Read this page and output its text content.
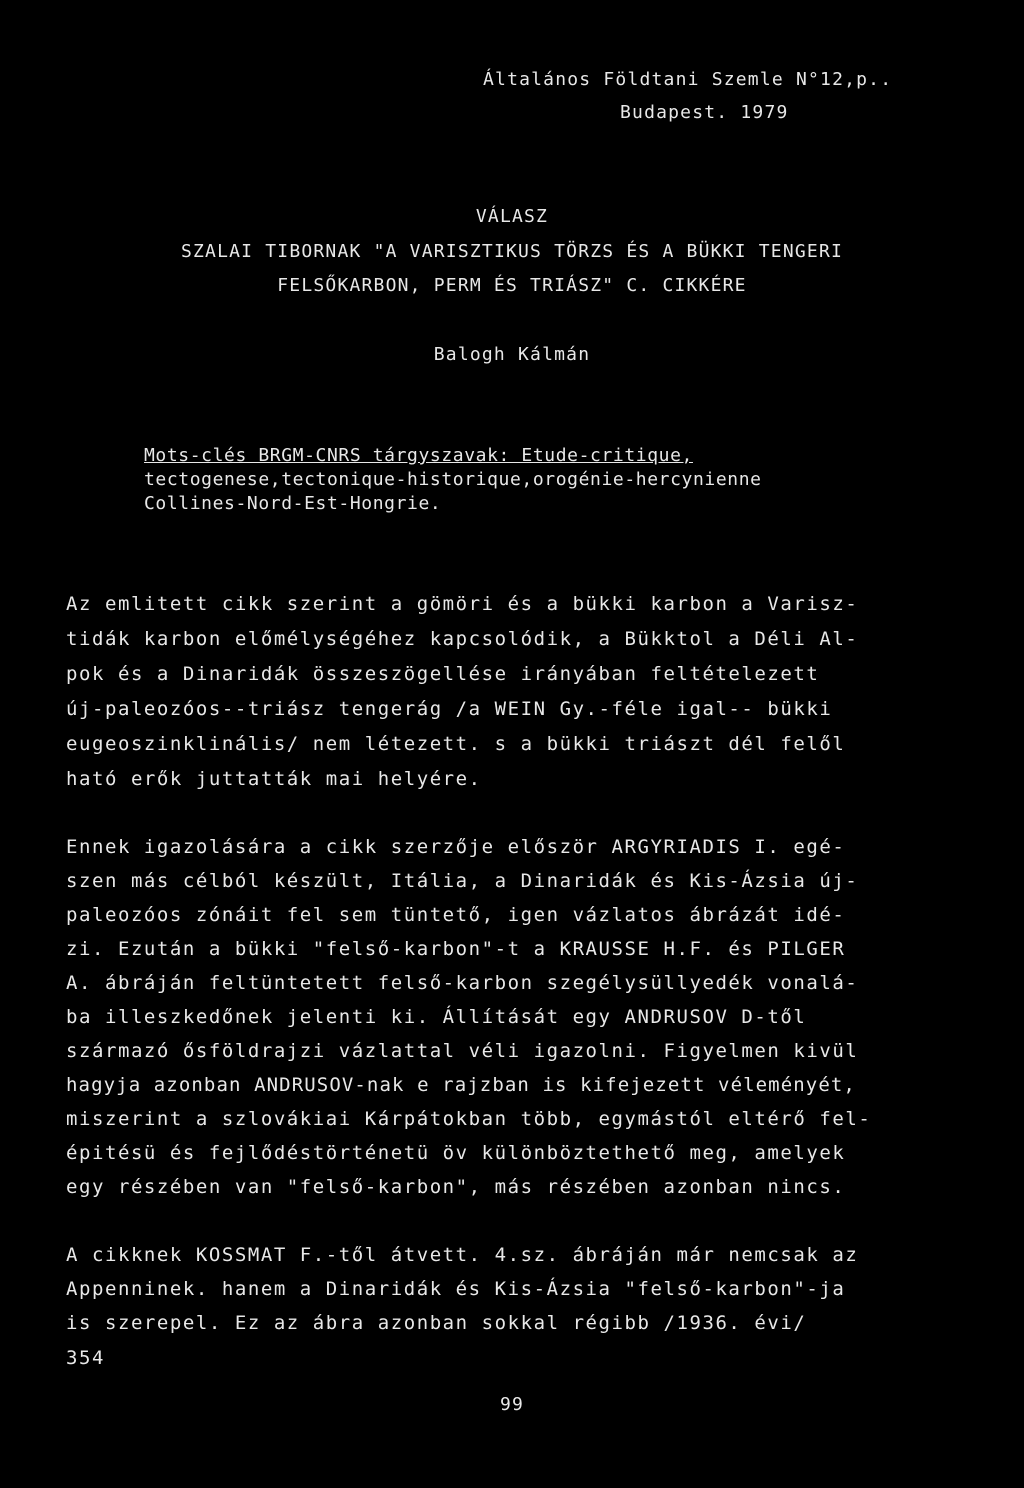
Általános Földtani Szemle N°12,p..
Budapest. 1979
VÁLASZ
SZALAI TIBORNAK "A VARISZTIKUS TÖRZS ÉS A BÜKKI TENGERI
FELSŐKARBON, PERM ÉS TRIÁSZ" C. CIKKÉRE
Balogh Kálmán
Mots-clés BRGM-CNRS tárgyszavak: Etude-critique,
tectogenese,tectonique-historique,orogénie-hercynienne
Collines-Nord-Est-Hongrie.
Az emlitett cikk szerint a gömöri és a bükki karbon a Varisz-
tidák karbon előmélységéhez kapcsolódik, a Bükktol a Déli Al-
pok és a Dinaridák összeszögellése irányában feltételezett
új-paleozóos--triász tengerág /a WEIN Gy.-féle igal-- bükki
eugeoszinklinális/ nem létezett. s a bükki triászt dél felől
ható erők juttatták mai helyére.
Ennek igazolására a cikk szerzője először ARGYRIADIS I. egé-
szen más célból készült, Itália, a Dinaridák és Kis-Ázsia új-
paleozóos zónáit fel sem tüntető, igen vázlatos ábrázát idé-
zi. Ezután a bükki "felső-karbon"-t a KRAUSSE H.F. és PILGER
A. ábráján feltüntetett felső-karbon szegélysüllyedék vonalá-
ba illeszkedőnek jelenti ki. Állítását egy ANDRUSOV D-től
származó ősföldrajzi vázlattal véli igazolni. Figyelmen kivül
hagyja azonban ANDRUSOV-nak e rajzban is kifejezett véleményét,
miszerint a szlovákiai Kárpátokban több, egymástól eltérő fel-
épitésü és fejlődéstörténetü öv különböztethető meg, amelyek
egy részében van "felső-karbon", más részében azonban nincs.
A cikknek KOSSMAT F.-től átvett. 4.sz. ábráján már nemcsak az
Appenninek. hanem a Dinaridák és Kis-Ázsia "felső-karbon"-ja
is szerepel. Ez az ábra azonban sokkal régibb /1936. évi/
354
99
